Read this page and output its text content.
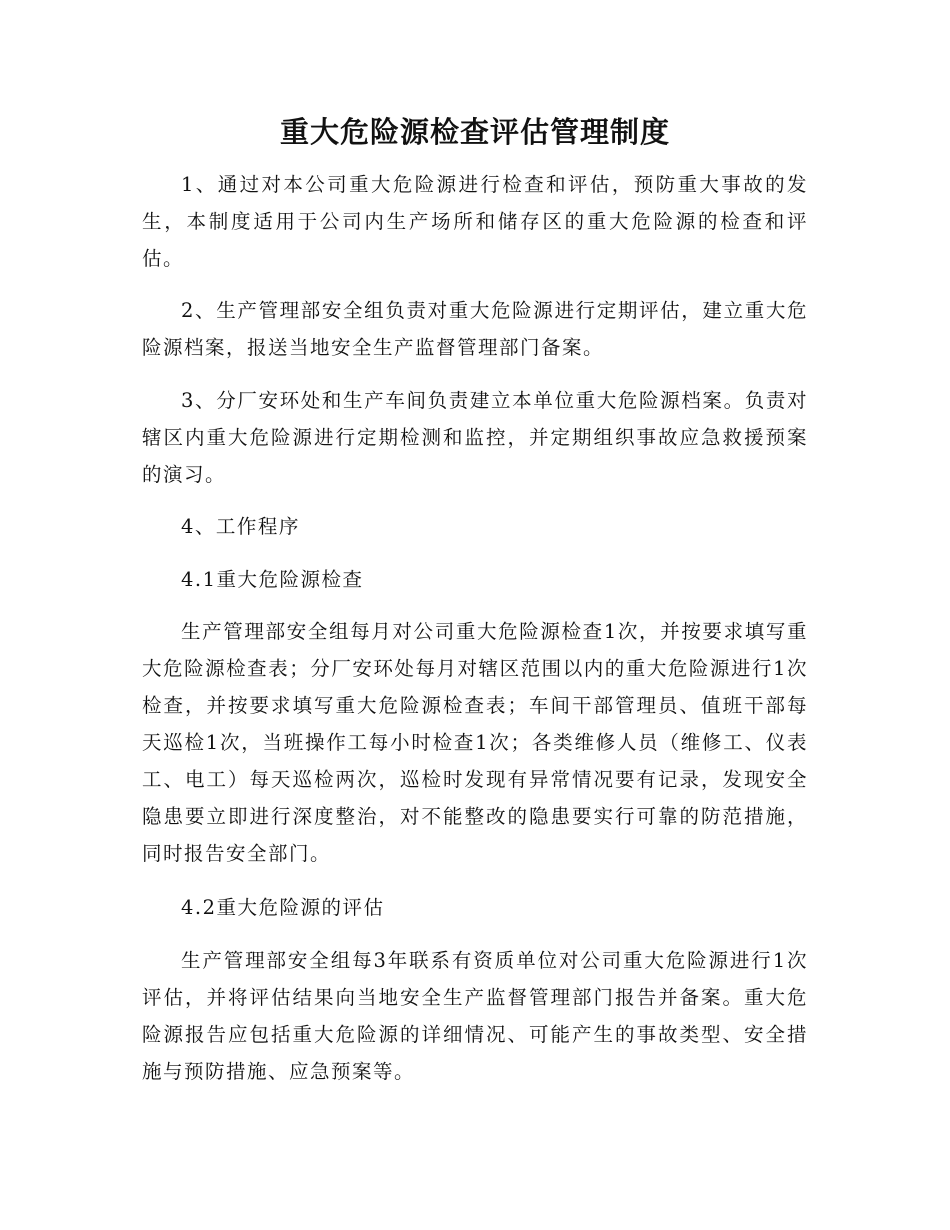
重大危险源检查评估管理制度

1、通过对本公司重大危险源进行检查和评估，预防重大事故的发生，本制度适用于公司内生产场所和储存区的重大危险源的检查和评估。

2、生产管理部安全组负责对重大危险源进行定期评估，建立重大危险源档案，报送当地安全生产监督管理部门备案。

3、分厂安环处和生产车间负责建立本单位重大危险源档案。负责对辖区内重大危险源进行定期检测和监控，并定期组织事故应急救援预案的演习。

4、工作程序

4.1重大危险源检查

生产管理部安全组每月对公司重大危险源检查1次，并按要求填写重大危险源检查表；分厂安环处每月对辖区范围以内的重大危险源进行1次检查，并按要求填写重大危险源检查表；车间干部管理员、值班干部每天巡检1次，当班操作工每小时检查1次；各类维修人员（维修工、仪表工、电工）每天巡检两次，巡检时发现有异常情况要有记录，发现安全隐患要立即进行深度整治，对不能整改的隐患要实行可靠的防范措施，同时报告安全部门。

4.2重大危险源的评估

生产管理部安全组每3年联系有资质单位对公司重大危险源进行1次评估，并将评估结果向当地安全生产监督管理部门报告并备案。重大危险源报告应包括重大危险源的详细情况、可能产生的事故类型、安全措施与预防措施、应急预案等。
